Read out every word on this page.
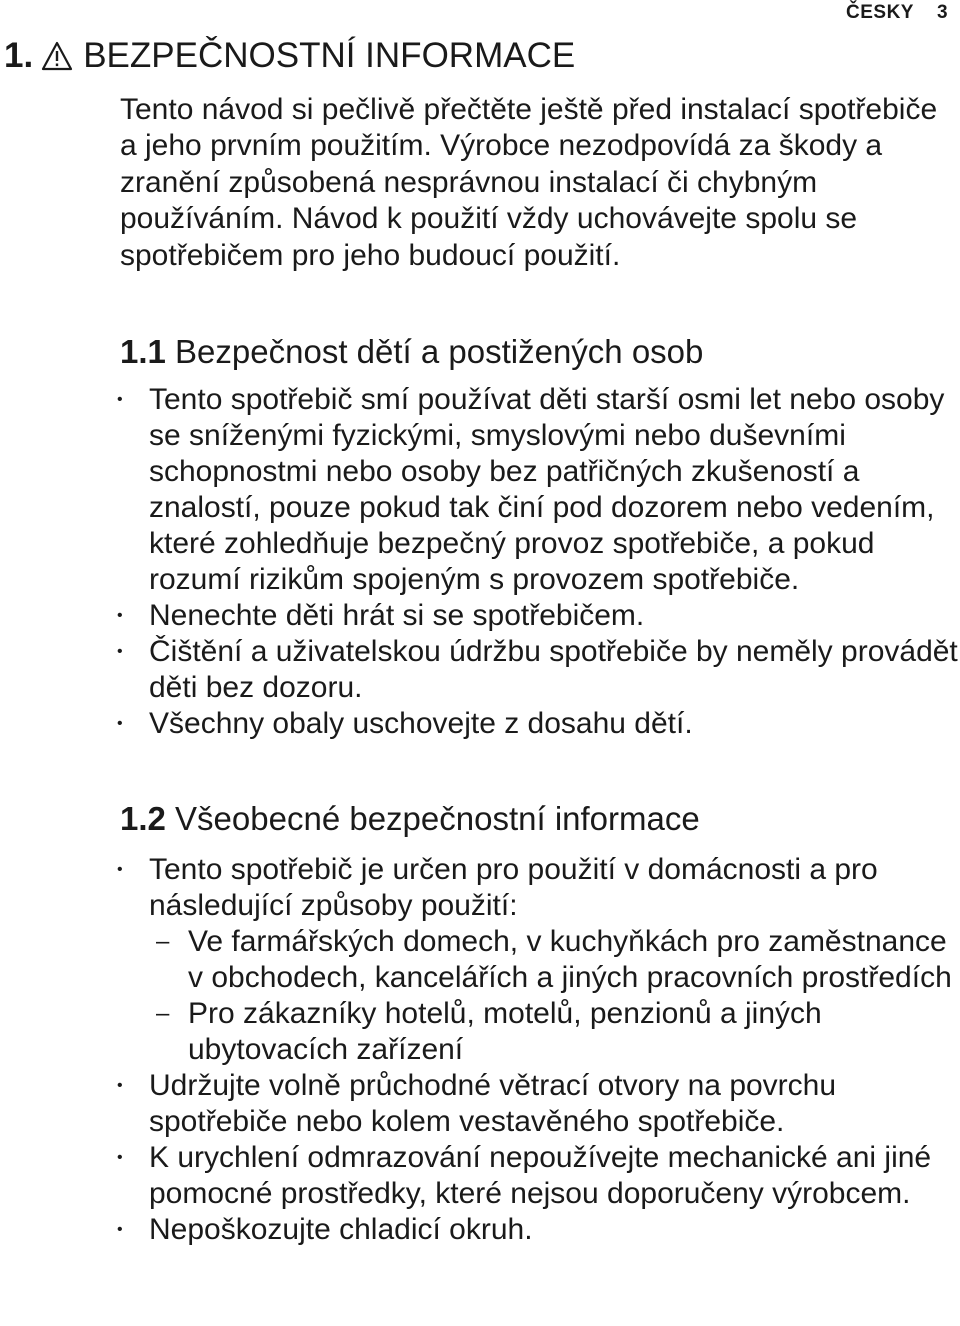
ČESKY 3
1. BEZPEČNOSTNÍ INFORMACE

Tento návod si pečlivě přečtěte ještě před instalací spotřebiče a jeho prvním použitím. Výrobce nezodpovídá za škody a zranění způsobená nesprávnou instalací či chybným používáním. Návod k použití vždy uchovávejte spolu se spotřebičem pro jeho budoucí použití.

1.1 Bezpečnost dětí a postižených osob
• Tento spotřebič smí používat děti starší osmi let nebo osoby se sníženými fyzickými, smyslovými nebo duševními schopnostmi nebo osoby bez patřičných zkušeností a znalostí, pouze pokud tak činí pod dozorem nebo vedením, které zohledňuje bezpečný provoz spotřebiče, a pokud rozumí rizikům spojeným s provozem spotřebiče.
• Nenechte děti hrát si se spotřebičem.
• Čištění a uživatelskou údržbu spotřebiče by neměly provádět děti bez dozoru.
• Všechny obaly uschovejte z dosahu dětí.
1.2 Všeobecné bezpečnostní informace
• Tento spotřebič je určen pro použití v domácnosti a pro následující způsoby použití:
– Ve farmářských domech, v kuchyňkách pro zaměstnance v obchodech, kancelářích a jiných pracovních prostředích
– Pro zákazníky hotelů, motelů, penzionů a jiných ubytovacích zařízení
• Udržujte volně průchodné větrací otvory na povrchu spotřebiče nebo kolem vestavěného spotřebiče.
• K urychlení odmrazování nepoužívejte mechanické ani jiné pomocné prostředky, které nejsou doporučeny výrobcem.
• Nepoškozujte chladicí okruh.
